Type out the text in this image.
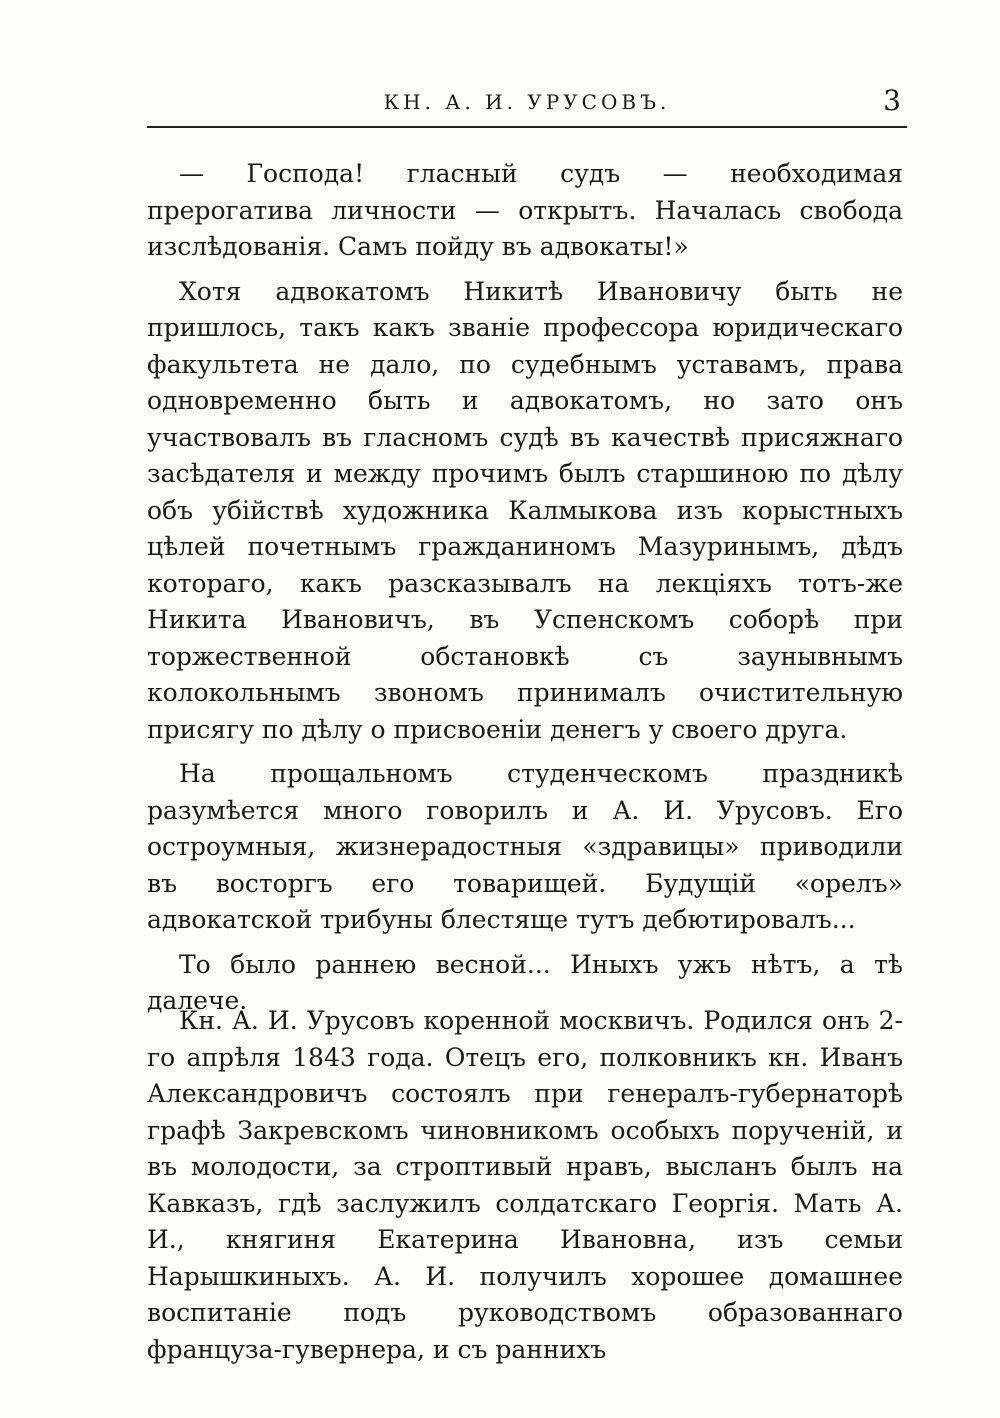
КН. А. И. УРУСОВЪ.	3

— Господа! гласный судъ — необходимая прерогатива личности — открытъ. Началась свобода изслѣдованія. Самъ пойду въ адвокаты!»

Хотя адвокатомъ Никитѣ Ивановичу быть не пришлось, такъ какъ званіе профессора юридическаго факультета не дало, по судебнымъ уставамъ, права одновременно быть и адвокатомъ, но зато онъ участвовалъ въ гласномъ судѣ въ качествѣ присяжнаго засѣдателя и между прочимъ былъ старшиною по дѣлу объ убійствѣ художника Калмыкова изъ корыстныхъ цѣлей почетнымъ гражданиномъ Мазуринымъ, дѣдъ котораго, какъ разсказывалъ на лекціяхъ тотъ-же Никита Ивановичъ, въ Успенскомъ соборѣ при торжественной обстановкѣ съ заунывнымъ колокольнымъ звономъ принималъ очистительную присягу по дѣлу о присвоеніи денегъ у своего друга.

На прощальномъ студенческомъ праздникѣ разумѣется много говорилъ и А. И. Урусовъ. Его остроумныя, жизнерадостныя «здравицы» приводили въ восторгъ его товарищей. Будущій «орелъ» адвокатской трибуны блестяще тутъ дебютировалъ...

То было раннею весной... Иныхъ ужъ нѣтъ, а тѣ далече.

Кн. А. И. Урусовъ коренной москвичъ. Родился онъ 2-го апрѣля 1843 года. Отецъ его, полковникъ кн. Иванъ Александровичъ состоялъ при генералъ-губернаторѣ графѣ Закревскомъ чиновникомъ особыхъ порученій, и въ молодости, за строптивый нравъ, высланъ былъ на Кавказъ, гдѣ заслужилъ солдатскаго Георгія. Мать А. И., княгиня Екатерина Ивановна, изъ семьи Нарышкиныхъ. А. И. получилъ хорошее домашнее воспитаніе подъ руководствомъ образованнаго француза-гувернера, и съ раннихъ
